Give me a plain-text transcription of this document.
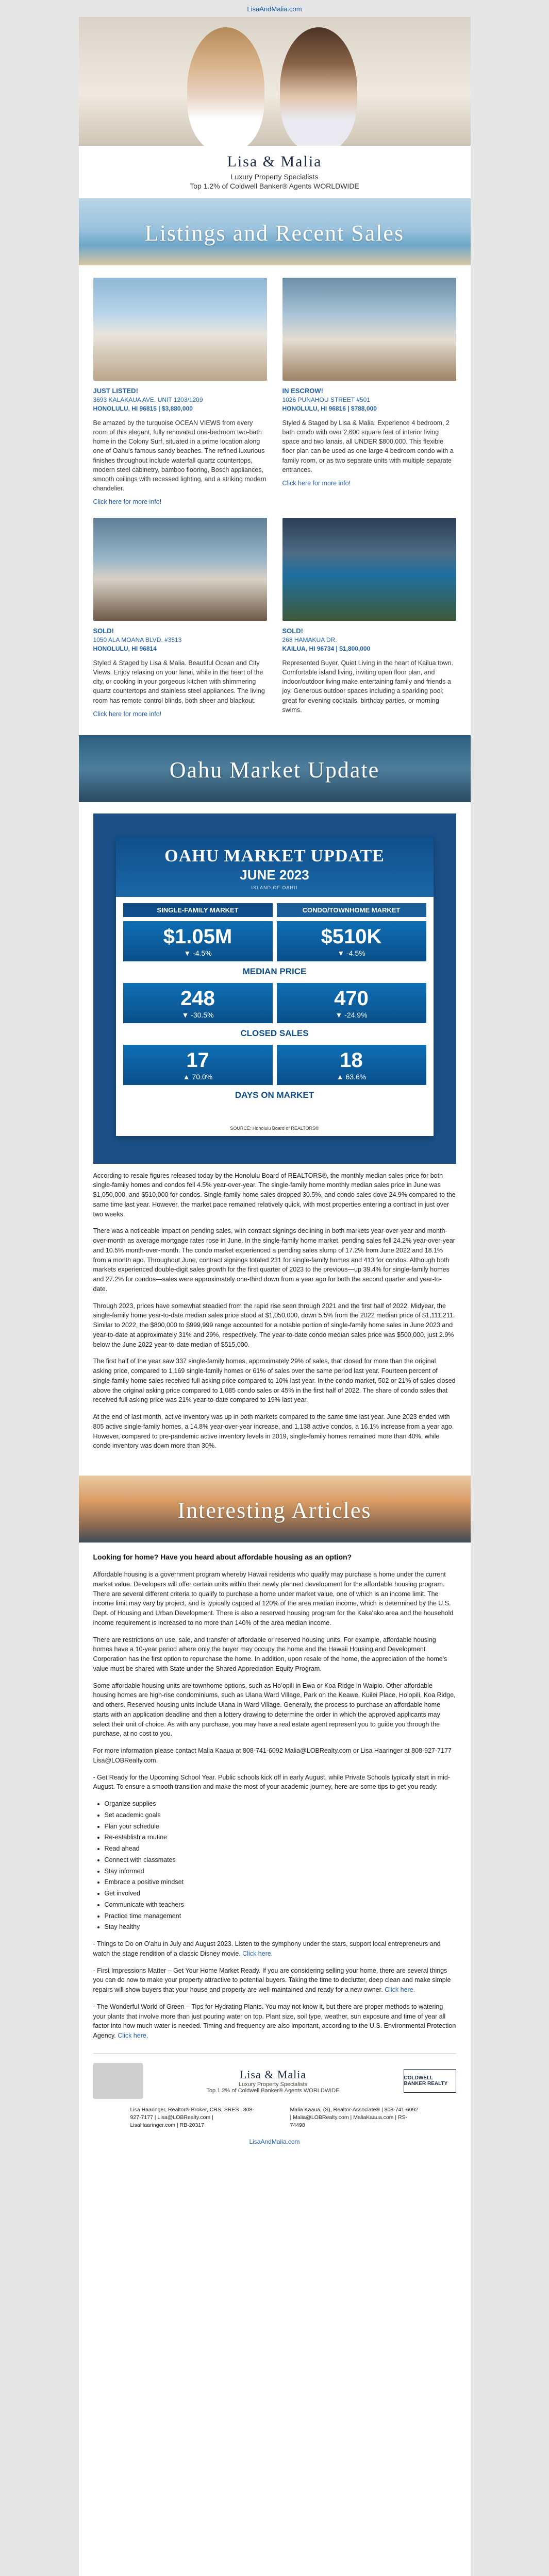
LisaAndMalia.com
Lisa & Malia
Luxury Property Specialists
Top 1.2% of Coldwell Banker® Agents WORLDWIDE
Listings and Recent Sales
JUST LISTED!
3693 KALAKAUA AVE. UNIT 1203/1209
HONOLULU, HI 96815 | $3,880,000
Be amazed by the turquoise OCEAN VIEWS from every room of this elegant, fully renovated one-bedroom two-bath home in the Colony Surf, situated in a prime location along one of Oahu's famous sandy beaches. The refined luxurious finishes throughout include waterfall quartz countertops, modern steel cabinetry, bamboo flooring, Bosch appliances, smooth ceilings with recessed lighting, and a striking modern chandelier.
Click here for more info!
IN ESCROW!
1026 PUNAHOU STREET #501
HONOLULU, HI 96816 | $788,000
Styled & Staged by Lisa & Malia. Experience 4 bedroom, 2 bath condo with over 2,600 square feet of interior living space and two lanais, all UNDER $800,000. This flexible floor plan can be used as one large 4 bedroom condo with a family room, or as two separate units with multiple separate entrances.
Click here for more info!
SOLD!
1050 ALA MOANA BLVD. #3513
HONOLULU, HI 96814
Styled & Staged by Lisa & Malia. Beautiful Ocean and City Views. Enjoy relaxing on your lanai, while in the heart of the city, or cooking in your gorgeous kitchen with shimmering quartz countertops and stainless steel appliances. The living room has remote control blinds, both sheer and blackout.
Click here for more info!
SOLD!
268 HAMAKUA DR.
KAILUA, HI 96734 | $1,800,000
Represented Buyer. Quiet Living in the heart of Kailua town. Comfortable island living, inviting open floor plan, and indoor/outdoor living make entertaining family and friends a joy. Generous outdoor spaces including a sparkling pool; great for evening cocktails, birthday parties, or morning swims.
Oahu Market Update
OAHU MARKET UPDATE
JUNE 2023
ISLAND OF OAHU
SINGLE-FAMILY MARKET	CONDO/TOWNHOME MARKET
$1.05M
▼ -4.5%
$510K
▼ -4.5%
MEDIAN PRICE
248
▼ -30.5%
470
▼ -24.9%
CLOSED SALES
17
▲ 70.0%
18
▲ 63.6%
DAYS ON MARKET
SOURCE: Honolulu Board of REALTORS®

According to resale figures released today by the Honolulu Board of REALTORS®, the monthly median sales price for both single-family homes and condos fell 4.5% year-over-year. The single-family home monthly median sales price in June was $1,050,000, and $510,000 for condos. Single-family home sales dropped 30.5%, and condo sales dove 24.9% compared to the same time last year. However, the market pace remained relatively quick, with most properties entering a contract in just over two weeks.

There was a noticeable impact on pending sales, with contract signings declining in both markets year-over-year and month-over-month as average mortgage rates rose in June. In the single-family home market, pending sales fell 24.2% year-over-year and 10.5% month-over-month. The condo market experienced a pending sales slump of 17.2% from June 2022 and 18.1% from a month ago. Throughout June, contract signings totaled 231 for single-family homes and 413 for condos. Although both markets experienced double-digit sales growth for the first quarter of 2023 to the previous—up 39.4% for single-family homes and 27.2% for condos—sales were approximately one-third down from a year ago for both the second quarter and year-to-date.

Through 2023, prices have somewhat steadied from the rapid rise seen through 2021 and the first half of 2022. Midyear, the single-family home year-to-date median sales price stood at $1,050,000, down 5.5% from the 2022 median price of $1,111,211. Similar to 2022, the $800,000 to $999,999 range accounted for a notable portion of single-family home sales in June 2023 and year-to-date at approximately 31% and 29%, respectively. The year-to-date condo median sales price was $500,000, just 2.9% below the June 2022 year-to-date median of $515,000.

The first half of the year saw 337 single-family homes, approximately 29% of sales, that closed for more than the original asking price, compared to 1,169 single-family homes or 61% of sales over the same period last year. Fourteen percent of single-family home sales received full asking price compared to 10% last year. In the condo market, 502 or 21% of sales closed above the original asking price compared to 1,085 condo sales or 45% in the first half of 2022. The share of condo sales that received full asking price was 21% year-to-date compared to 19% last year.

At the end of last month, active inventory was up in both markets compared to the same time last year. June 2023 ended with 805 active single-family homes, a 14.8% year-over-year increase, and 1,138 active condos, a 16.1% increase from a year ago. However, compared to pre-pandemic active inventory levels in 2019, single-family homes remained more than 40%, while condo inventory was down more than 30%.

Interesting Articles
Looking for home? Have you heard about affordable housing as an option?

Affordable housing is a government program whereby Hawaii residents who qualify may purchase a home under the current market value. Developers will offer certain units within their newly planned development for the affordable housing program. There are several different criteria to qualify to purchase a home under market value, one of which is an income limit. The income limit may vary by project, and is typically capped at 120% of the area median income, which is determined by the U.S. Dept. of Housing and Urban Development. There is also a reserved housing program for the Kakaʻako area and the household income requirement is increased to no more than 140% of the area median income.

There are restrictions on use, sale, and transfer of affordable or reserved housing units. For example, affordable housing homes have a 10-year period where only the buyer may occupy the home and the Hawaii Housing and Development Corporation has the first option to repurchase the home. In addition, upon resale of the home, the appreciation of the home's value must be shared with State under the Shared Appreciation Equity Program.

Some affordable housing units are townhome options, such as Hoʻopili in Ewa or Koa Ridge in Waipio. Other affordable housing homes are high-rise condominiums, such as Ulana Ward Village, Park on the Keawe, Kuilei Place, Ho’opili, Koa Ridge, and others. Reserved housing units include Ulana in Ward Village. Generally, the process to purchase an affordable home starts with an application deadline and then a lottery drawing to determine the order in which the approved applicants may select their unit of choice. As with any purchase, you may have a real estate agent represent you to guide you through the purchase, at no cost to you.

For more information please contact Malia Kaaua at 808-741-6092 Malia@LOBRealty.com or Lisa Haaringer at 808-927-7177 Lisa@LOBRealty.com.

- Get Ready for the Upcoming School Year. Public schools kick off in early August, while Private Schools typically start in mid-August. To ensure a smooth transition and make the most of your academic journey, here are some tips to get you ready:

• Organize supplies
• Set academic goals
• Plan your schedule
• Re-establish a routine
• Read ahead
• Connect with classmates
• Stay informed
• Embrace a positive mindset
• Get involved
• Communicate with teachers
• Practice time management
• Stay healthy

- Things to Do on O'ahu in July and August 2023. Listen to the symphony under the stars, support local entrepreneurs and watch the stage rendition of a classic Disney movie. Click here.

- First Impressions Matter – Get Your Home Market Ready. If you are considering selling your home, there are several things you can do now to make your property attractive to potential buyers. Taking the time to declutter, deep clean and make simple repairs will show buyers that your house and property are well-maintained and ready for a new owner. Click here.

- The Wonderful World of Green – Tips for Hydrating Plants. You may not know it, but there are proper methods to watering your plants that involve more than just pouring water on top. Plant size, soil type, weather, sun exposure and time of year all factor into how much water is needed. Timing and frequency are also important, according to the U.S. Environmental Protection Agency. Click here.

Lisa & Malia
Luxury Property Specialists
Top 1.2% of Coldwell Banker® Agents WORLDWIDE
COLDWELL BANKER REALTY
Lisa Haaringer, Realtor® Broker, CRS, SRES | 808-927-7177 | Lisa@LOBRealty.com | LisaHaaringer.com | RB-20317
Malia Kaaua, (S), Realtor-Associate® | 808-741-6092 | Malia@LOBRealty.com | MaliaKaaua.com | RS-74498
LisaAndMalia.com
